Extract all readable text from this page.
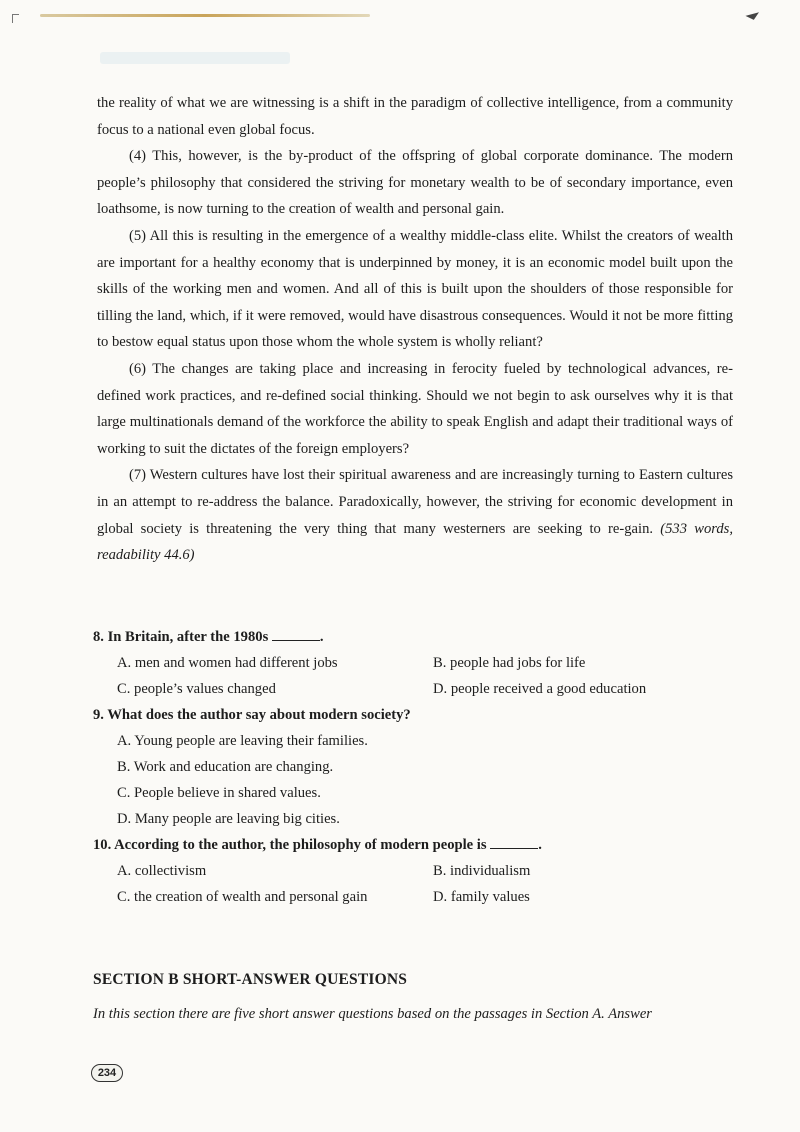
the reality of what we are witnessing is a shift in the paradigm of collective intelligence, from a community focus to a national even global focus.

(4) This, however, is the by-product of the offspring of global corporate dominance. The modern people’s philosophy that considered the striving for monetary wealth to be of secondary importance, even loathsome, is now turning to the creation of wealth and personal gain.

(5) All this is resulting in the emergence of a wealthy middle-class elite. Whilst the creators of wealth are important for a healthy economy that is underpinned by money, it is an economic model built upon the skills of the working men and women. And all of this is built upon the shoulders of those responsible for tilling the land, which, if it were removed, would have disastrous consequences. Would it not be more fitting to bestow equal status upon those whom the whole system is wholly reliant?

(6) The changes are taking place and increasing in ferocity fueled by technological advances, re-defined work practices, and re-defined social thinking. Should we not begin to ask ourselves why it is that large multinationals demand of the workforce the ability to speak English and adapt their traditional ways of working to suit the dictates of the foreign employers?

(7) Western cultures have lost their spiritual awareness and are increasingly turning to Eastern cultures in an attempt to re-address the balance. Paradoxically, however, the striving for economic development in global society is threatening the very thing that many westerners are seeking to re-gain. (533 words, readability 44.6)

8. In Britain, after the 1980s	.

A. men and women had different jobs	B. people had jobs for life
C. people’s values changed	D. people received a good education

9. What does the author say about modern society?

A. Young people are leaving their families.
B. Work and education are changing.
C. People believe in shared values.
D. Many people are leaving big cities.

10. According to the author, the philosophy of modern people is	.

A. collectivism	B. individualism
C. the creation of wealth and personal gain	D. family values
SECTION B SHORT-ANSWER QUESTIONS

In this section there are five short answer questions based on the passages in Section A. Answer

234
